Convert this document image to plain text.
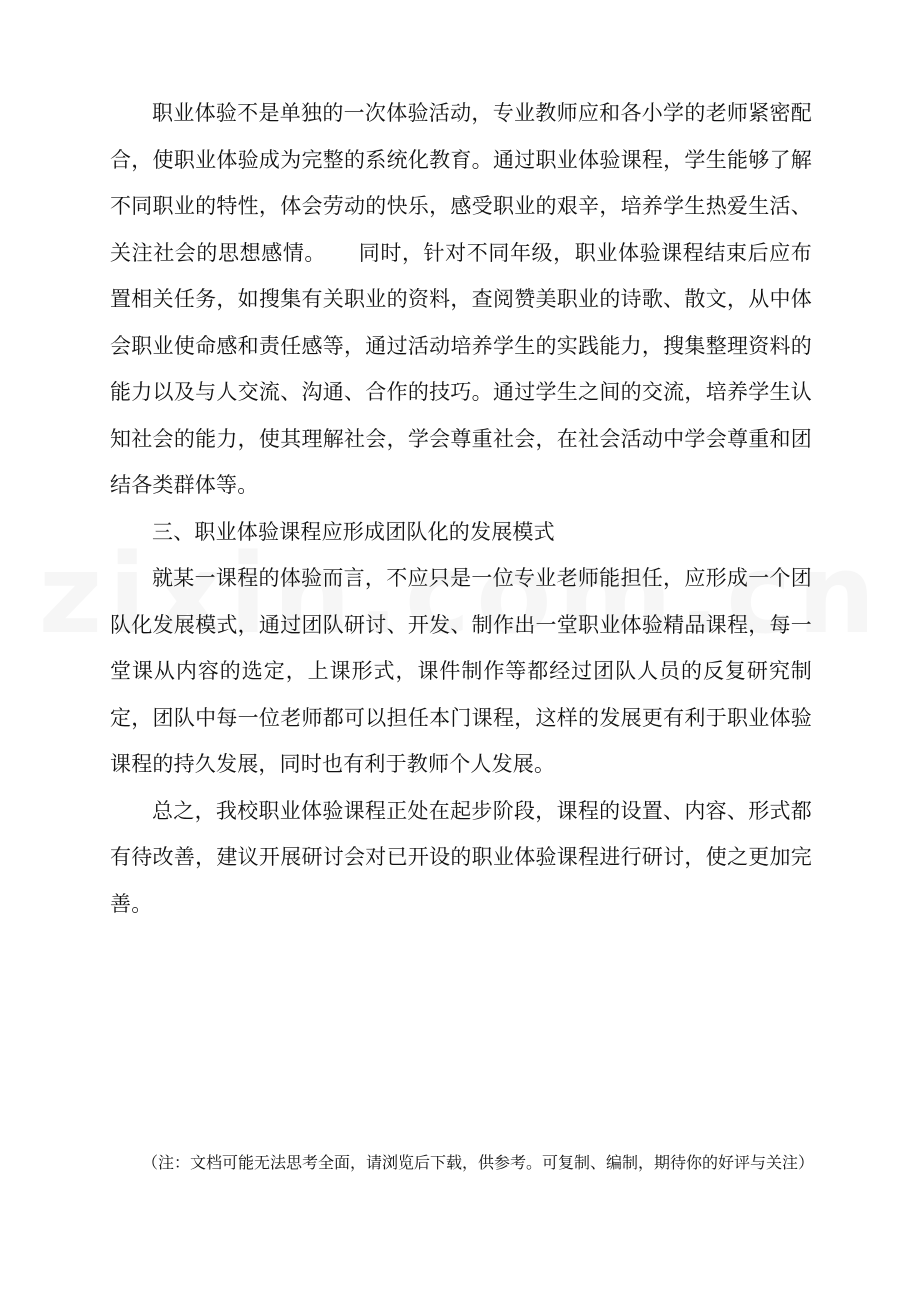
职业体验不是单独的一次体验活动，专业教师应和各小学的老师紧密配合，使职业体验成为完整的系统化教育。通过职业体验课程，学生能够了解不同职业的特性，体会劳动的快乐，感受职业的艰辛，培养学生热爱生活、关注社会的思想感情。　　同时，针对不同年级，职业体验课程结束后应布置相关任务，如搜集有关职业的资料，查阅赞美职业的诗歌、散文，从中体会职业使命感和责任感等，通过活动培养学生的实践能力，搜集整理资料的能力以及与人交流、沟通、合作的技巧。通过学生之间的交流，培养学生认知社会的能力，使其理解社会，学会尊重社会，在社会活动中学会尊重和团结各类群体等。

三、职业体验课程应形成团队化的发展模式

就某一课程的体验而言，不应只是一位专业老师能担任，应形成一个团队化发展模式，通过团队研讨、开发、制作出一堂职业体验精品课程，每一堂课从内容的选定，上课形式，课件制作等都经过团队人员的反复研究制定，团队中每一位老师都可以担任本门课程，这样的发展更有利于职业体验课程的持久发展，同时也有利于教师个人发展。

总之，我校职业体验课程正处在起步阶段，课程的设置、内容、形式都有待改善，建议开展研讨会对已开设的职业体验课程进行研讨，使之更加完善。

（注：文档可能无法思考全面，请浏览后下载，供参考。可复制、编制，期待你的好评与关注）
